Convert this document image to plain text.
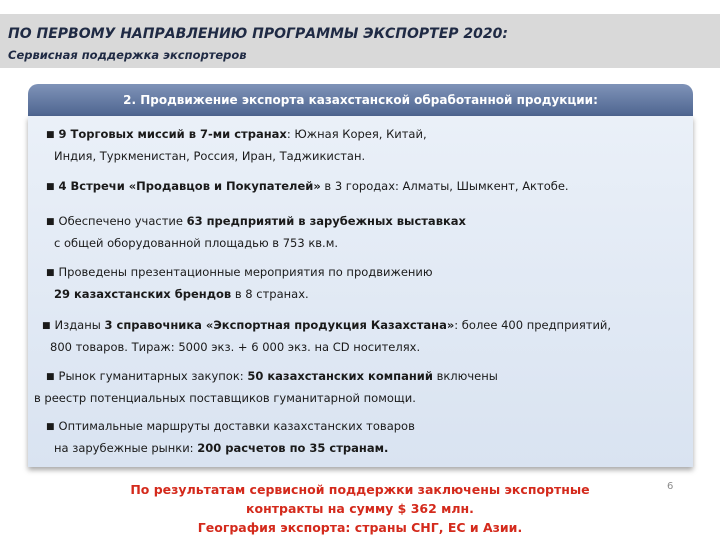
ПО ПЕРВОМУ НАПРАВЛЕНИЮ ПРОГРАММЫ ЭКСПОРТЕР 2020:
Сервисная поддержка экспортеров
2. Продвижение экспорта казахстанской обработанной продукции:
■ 9 Торговых миссий в 7-ми странах: Южная Корея, Китай,
Индия, Туркменистан, Россия, Иран, Таджикистан.
■ 4 Встречи «Продавцов и Покупателей» в 3 городах: Алматы, Шымкент, Актобе.
■ Обеспечено участие 63 предприятий в зарубежных выставках
с общей оборудованной площадью в 753 кв.м.
■ Проведены презентационные мероприятия по продвижению
29 казахстанских брендов в 8 странах.
■ Изданы 3 справочника «Экспортная продукция Казахстана»: более 400 предприятий,
800 товаров. Тираж: 5000 экз. + 6 000 экз. на CD носителях.
■ Рынок гуманитарных закупок: 50 казахстанских компаний включены
в реестр потенциальных поставщиков гуманитарной помощи.
■ Оптимальные маршруты доставки казахстанских товаров
на зарубежные рынки: 200 расчетов по 35 странам.
По результатам сервисной поддержки заключены экспортные
контракты на сумму $ 362 млн.
География экспорта: страны СНГ, ЕС и Азии.
6
